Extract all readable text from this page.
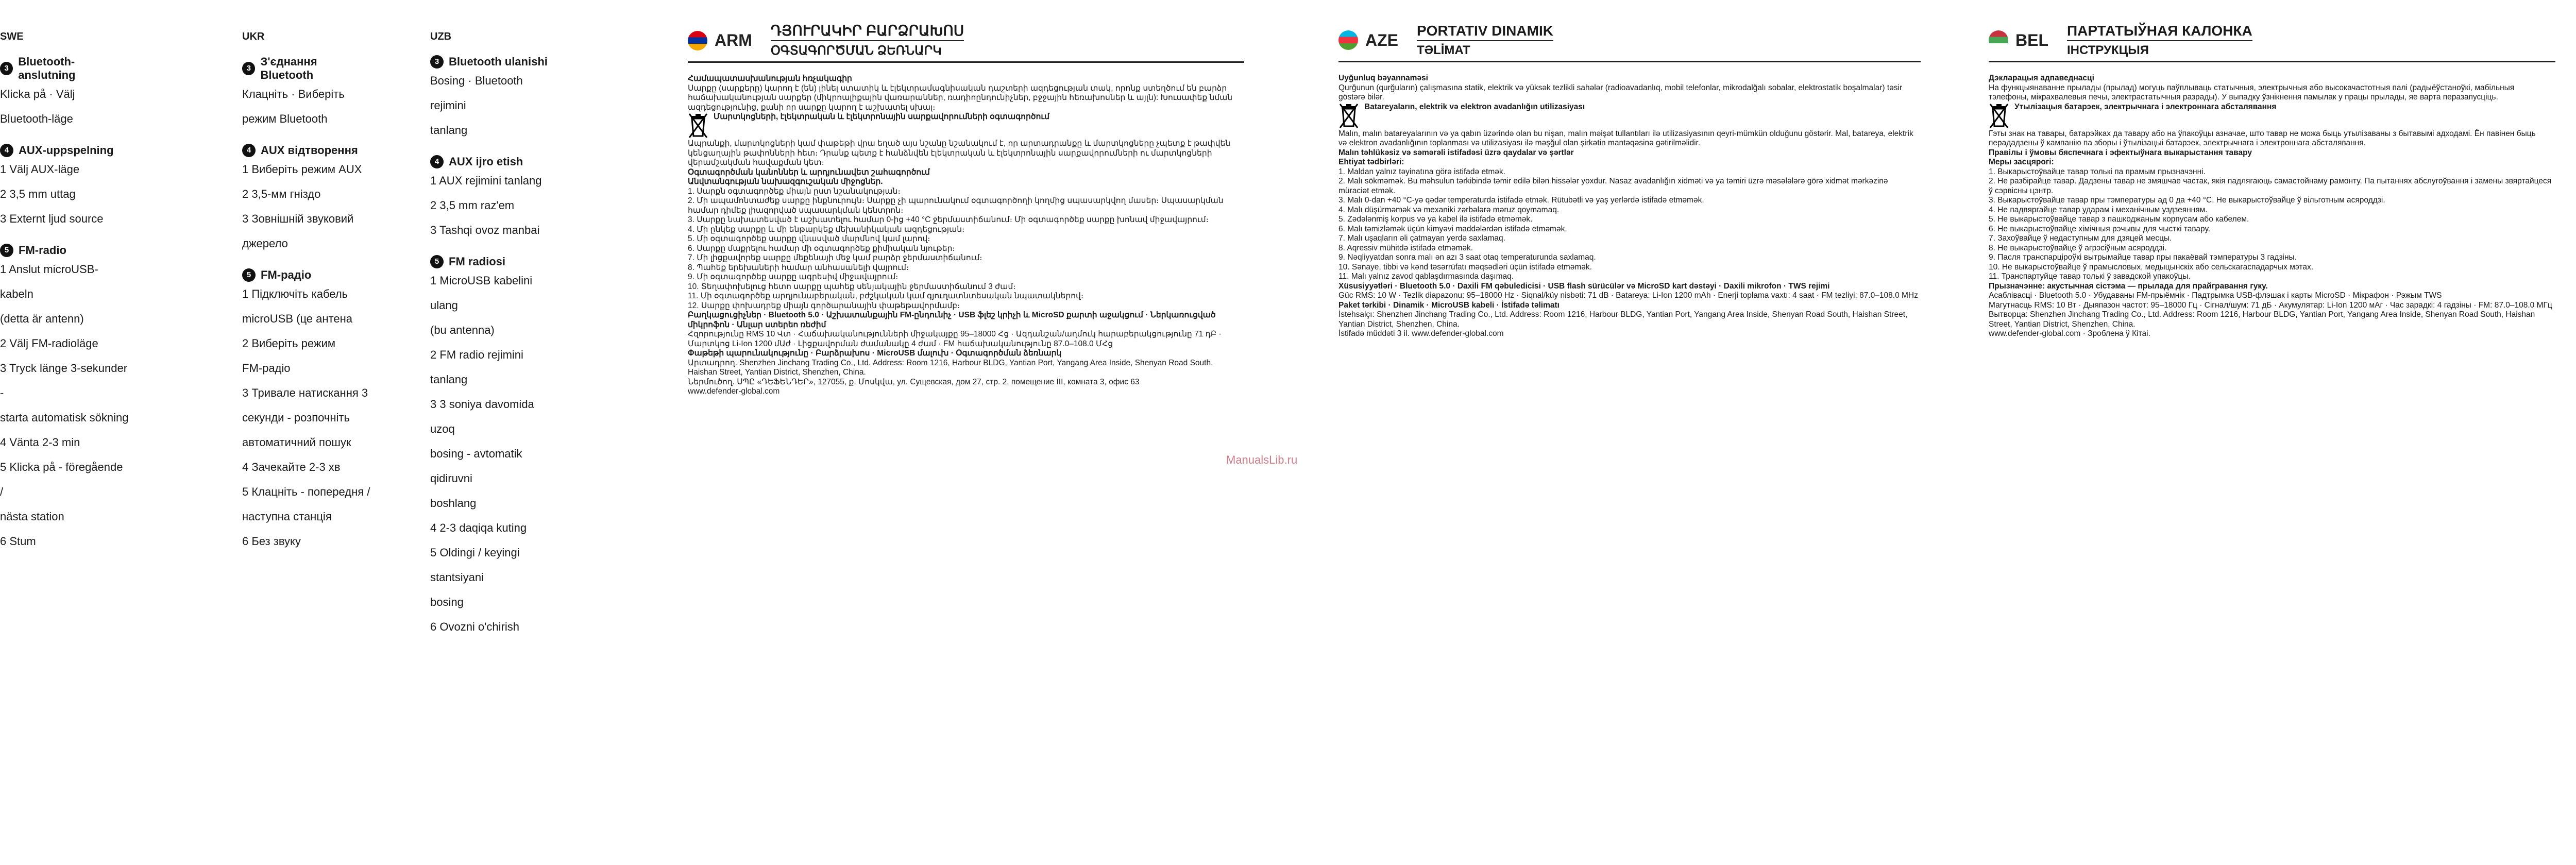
SWE
3
Bluetooth-anslutning
Klicka på · Välj
Bluetooth-läge
4 AUX-uppspelning
1 Välj AUX-läge
2 3,5 mm uttag
3 Externt ljud source
5 FM-radio
1 Anslut microUSB-kabeln
(detta är antenn)
2 Välj FM-radioläge
3 Tryck länge 3-sekunder -
starta automatisk sökning
4 Vänta 2-3 min
5 Klicka på - föregående /
nästa station
6 Stum
UKR
3
З'єднання Bluetooth
Клацніть · Виберіть
режим Bluetooth
4 AUX відтворення
1 Виберіть режим AUX
2 3,5-мм гніздо
3 Зовнішній звуковий
джерело
5 FM-радіо
1 Підключіть кабель
microUSB (це антена
2 Виберіть режим
FM-радіо
3 Тривале натискання 3
секунди - розпочніть
автоматичний пошук
4 Зачекайте 2-3 хв
5 Клацніть - попередня /
наступна станція
6 Без звуку
UZB
3 Bluetooth ulanishi
Bosing · Bluetooth rejimini
tanlang
4 AUX ijro etish
1 AUX rejimini tanlang
2 3,5 mm raz'em
3 Tashqi ovoz manbai
5 FM radiosi
1 MicroUSB kabelini ulang
(bu antenna)
2 FM radio rejimini tanlang
3 3 soniya davomida uzoq
bosing - avtomatik qidiruvni
boshlang
4 2-3 daqiqa kuting
5 Oldingi / keyingi stantsiyani
bosing
6 Ovozni o'chirish
ARM
ԴՅՈՒՐԱԿԻՐ ԲԱՐՁՐԱԽՈՍ
ՕԳՏԱԳՈՐԾՄԱՆ ՁԵՌՆԱՐԿ

Համապատասխանության հռչակագիր

Սարքը (սարքերը) կարող է (են) լինել ստատիկ և էլեկտրամագնիսական դաշտերի ազդեցության տակ, որոնք ստեղծում են բարձր հաճախականության սարքեր (միկրոալիքային վառարաններ, ռադիոընդունիչներ, բջջային հեռախոսներ և այլն): Խուսափեք նման ազդեցությունից, քանի որ սարքը կարող է աշխատել սխալ։

Մարտկոցների, էլեկտրական և էլեկտրոնային սարքավորումների օգտագործում

Ապրանքի, մարտկոցների կամ փաթեթի վրա եղած այս նշանը նշանակում է, որ արտադրանքը և մարտկոցները չպետք է թափվեն կենցաղային թափոնների հետ։ Դրանք պետք է հանձնվեն էլեկտրական և էլեկտրոնային սարքավորումների ու մարտկոցների վերամշակման հավաքման կետ։

Օգտագործման կանոններ և արդյունավետ շահագործում

Անվտանգության նախազգուշական միջոցներ.

1. Սարքն օգտագործեք միայն ըստ նշանակության։

2. Մի ապամոնտաժեք սարքը ինքնուրույն։ Սարքը չի պարունակում օգտագործողի կողմից սպասարկվող մասեր։ Սպասարկման համար դիմեք լիազորված սպասարկման կենտրոն։

3. Սարքը նախատեսված է աշխատելու համար 0-ից +40 °C ջերմաստիճանում։ Մի օգտագործեք սարքը խոնավ միջավայրում։

4. Մի ընկեք սարքը և մի ենթարկեք մեխանիկական ազդեցության։

5. Մի օգտագործեք սարքը վնասված մարմնով կամ լարով։

6. Սարքը մաքրելու համար մի օգտագործեք քիմիական նյութեր։

7. Մի լիցքավորեք սարքը մեքենայի մեջ կամ բարձր ջերմաստիճանում։

8. Պահեք երեխաների համար անհասանելի վայրում։

9. Մի օգտագործեք սարքը ագրեսիվ միջավայրում։

10. Տեղափոխելուց հետո սարքը պահեք սենյակային ջերմաստիճանում 3 ժամ։

11. Մի օգտագործեք արդյունաբերական, բժշկական կամ գյուղատնտեսական նպատակներով։

12. Սարքը փոխադրեք միայն գործարանային փաթեթավորմամբ։

Բաղկացուցիչներ · Bluetooth 5.0 · Աշխատանքային FM-ընդունիչ · USB ֆլեշ կրիչի և MicroSD քարտի աջակցում · Ներկառուցված միկրոֆոն · Անլար ստերեո ռեժիմ

Հզորությունը RMS 10 Վտ · Հաճախականությունների միջակայքը 95–18000 Հց · Ազդանշան/աղմուկ հարաբերակցությունը 71 դԲ · Մարտկոց Li-Ion 1200 մԱժ · Լիցքավորման ժամանակը 4 ժամ · FM հաճախականությունը 87.0–108.0 ՄՀց

Փաթեթի պարունակությունը · Բարձրախոս · MicroUSB մալուխ · Օգտագործման ձեռնարկ

Արտադրող. Shenzhen Jinchang Trading Co., Ltd. Address: Room 1216, Harbour BLDG, Yantian Port, Yangang Area Inside, Shenyan Road South, Haishan Street, Yantian District, Shenzhen, China.

Ներմուծող. ՍՊԸ «ԴԵՖԵՆԴԵՐ», 127055, ք. Մոսկվա, ул. Сущевская, дом 27, стр. 2, помещение III, комната 3, офис 63

www.defender-global.com

AZE PORTATIV DINAMIK
TƏLİMAT

Uyğunluq bəyannaməsi

Qurğunun (qurğuların) çalışmasına statik, elektrik və yüksək tezlikli sahələr (radioavadanlıq, mobil telefonlar, mikrodalğalı sobalar, elektrostatik boşalmalar) təsir göstərə bilər.

Batareyaların, elektrik və elektron avadanlığın utilizasiyası

Malın, malın batareyalarının və ya qabın üzərində olan bu nişan, malın məişət tullantıları ilə utilizasiyasının qeyri-mümkün olduğunu göstərir. Mal, batareya, elektrik və elektron avadanlığının toplanması və utilizasiyası ilə məşğul olan şirkətin mantəqəsinə gətirilməlidir.

Malın təhlükəsiz və səmərəli istifadəsi üzrə qaydalar və şərtlər

Ehtiyat tədbirləri:

1. Maldan yalnız təyinatına görə istifadə etmək.

2. Malı sökməmək. Bu məhsulun tərkibində təmir edilə bilən hissələr yoxdur. Nasaz avadanlığın xidməti və ya təmiri üzrə məsələlərə görə xidmət mərkəzinə müraciət etmək.

3. Malı 0-dan +40 °C-yə qədər temperaturda istifadə etmək. Rütubətli və yaş yerlərdə istifadə etməmək.

4. Malı düşürməmək və mexaniki zərbələrə məruz qoymamaq.

5. Zədələnmiş korpus və ya kabel ilə istifadə etməmək.

6. Malı təmizləmək üçün kimyəvi maddələrdən istifadə etməmək.

7. Malı uşaqların əli çatmayan yerdə saxlamaq.

8. Aqressiv mühitdə istifadə etməmək.

9. Nəqliyyatdan sonra malı ən azı 3 saat otaq temperaturunda saxlamaq.

10. Sənaye, tibbi və kənd təsərrüfatı məqsədləri üçün istifadə etməmək.

11. Malı yalnız zavod qablaşdırmasında daşımaq.

Xüsusiyyətləri · Bluetooth 5.0 · Daxili FM qəbuledicisi · USB flash sürücülər və MicroSD kart dəstəyi · Daxili mikrofon · TWS rejimi

Güc RMS: 10 W · Tezlik diapazonu: 95–18000 Hz · Siqnal/küy nisbəti: 71 dB · Batareya: Li-Ion 1200 mAh · Enerji toplama vaxtı: 4 saat · FM tezliyi: 87.0–108.0 MHz

Paket tərkibi · Dinamik · MicroUSB kabeli · İstifadə təlimatı

İstehsalçı: Shenzhen Jinchang Trading Co., Ltd. Address: Room 1216, Harbour BLDG, Yantian Port, Yangang Area Inside, Shenyan Road South, Haishan Street, Yantian District, Shenzhen, China.

İstifadə müddəti 3 il. www.defender-global.com

BEL ПАРТАТЫЎНАЯ КАЛОНКА
ІНСТРУКЦЫЯ

Дэкларацыя адпаведнасці

На функцыянаванне прылады (прылад) могуць паўплываць статычныя, электрычныя або высокачастотныя палі (радыёўстаноўкі, мабільныя тэлефоны, мікрахвалевыя печы, электрастатычныя разрады). У выпадку ўзнікнення памылак у працы прылады, яе варта перазапусціць.

Утылізацыя батарэек, электрычнага і электроннага абсталявання

Гэты знак на тавары, батарэйках да тавару або на ўпакоўцы азначае, што тавар не можа быць утылізаваны з бытавымі адходамі. Ён павінен быць перададзены ў кампанію па зборы і ўтылізацыі батарэек, электрычнага і электроннага абсталявання.

Правілы і ўмовы бяспечнага і эфектыўнага выкарыстання тавару

Меры засцярогі:

1. Выкарыстоўвайце тавар толькі па прамым прызначэнні.

2. Не разбірайце тавар. Дадзены тавар не змяшчае частак, якія падлягаюць самастойнаму рамонту. Па пытаннях абслугоўвання і замены звяртайцеся ў сэрвісны цэнтр.

3. Выкарыстоўвайце тавар пры тэмпературы ад 0 да +40 °C. Не выкарыстоўвайце ў вільготным асяроддзі.

4. Не падвяргайце тавар ударам і механічным уздзеянням.

5. Не выкарыстоўвайце тавар з пашкоджаным корпусам або кабелем.

6. Не выкарыстоўвайце хімічныя рэчывы для чысткі тавару.

7. Захоўвайце ў недаступным для дзяцей месцы.

8. Не выкарыстоўвайце ў агрэсіўным асяроддзі.

9. Пасля транспарціроўкі вытрымайце тавар пры пакаёвай тэмпературы 3 гадзіны.

10. Не выкарыстоўвайце ў прамысловых, медыцынскіх або сельскагаспадарчых мэтах.

11. Транспартуйце тавар толькі ў завадской упакоўцы.

Прызначэнне: акустычная сістэма — прылада для прайгравання гуку.

Асаблівасці · Bluetooth 5.0 · Убудаваны FM-прыёмнік · Падтрымка USB-флэшак і карты MicroSD · Мікрафон · Рэжым TWS

Магутнасць RMS: 10 Вт · Дыяпазон частот: 95–18000 Гц · Сігнал/шум: 71 дБ · Акумулятар: Li-Ion 1200 мАг · Час зарадкі: 4 гадзіны · FM: 87.0–108.0 МГц

Вытворца: Shenzhen Jinchang Trading Co., Ltd. Address: Room 1216, Harbour BLDG, Yantian Port, Yangang Area Inside, Shenyan Road South, Haishan Street, Yantian District, Shenzhen, China.

www.defender-global.com · Зроблена ў Кітаі.

ManualsLib.ru
